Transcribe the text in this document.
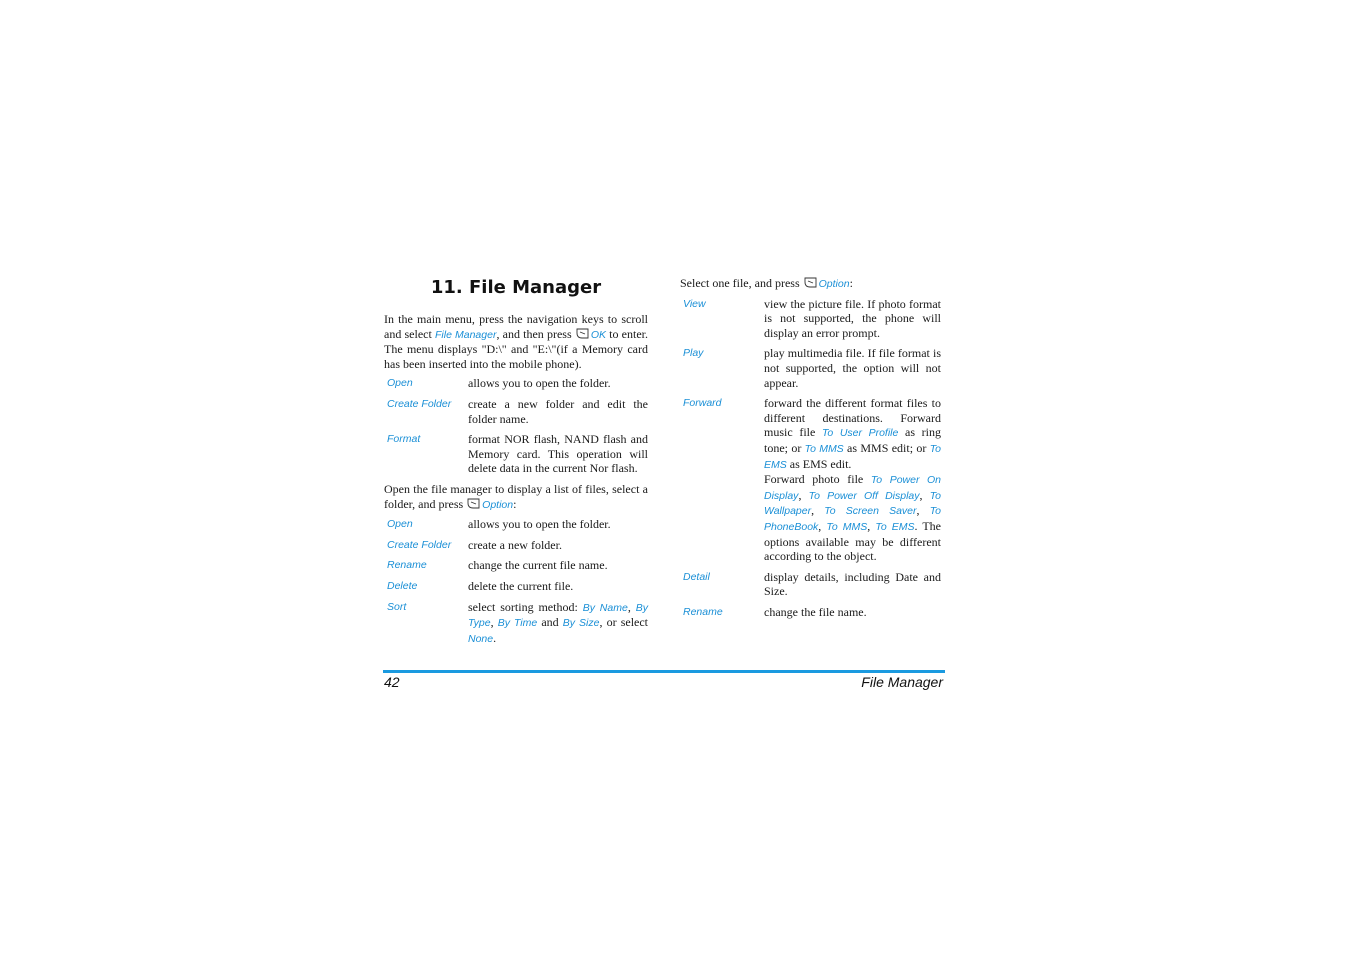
11. File Manager

In the main menu, press the navigation keys to scroll and select File Manager, and then press OK to enter. The menu displays "D:\" and "E:\"(if a Memory card has been inserted into the mobile phone).

Open	allows you to open the folder.
Create Folder	create a new folder and edit the folder name.
Format	format NOR flash, NAND flash and Memory card. This operation will delete data in the current Nor flash.

Open the file manager to display a list of files, select a folder, and press Option:

Open	allows you to open the folder.
Create Folder	create a new folder.
Rename	change the current file name.
Delete	delete the current file.
Sort	select sorting method: By Name, By Type, By Time and By Size, or select None.

Select one file, and press Option:

View	view the picture file. If photo format is not supported, the phone will display an error prompt.
Play	play multimedia file. If file format is not supported, the option will not appear.
Forward	forward the different format files to different destinations. Forward music file To User Profile as ring tone; or To MMS as MMS edit; or To EMS as EMS edit.
Forward photo file To Power On Display, To Power Off Display, To Wallpaper, To Screen Saver, To PhoneBook, To MMS, To EMS. The options available may be different according to the object.
Detail	display details, including Date and Size.
Rename	change the file name.
42	File Manager
